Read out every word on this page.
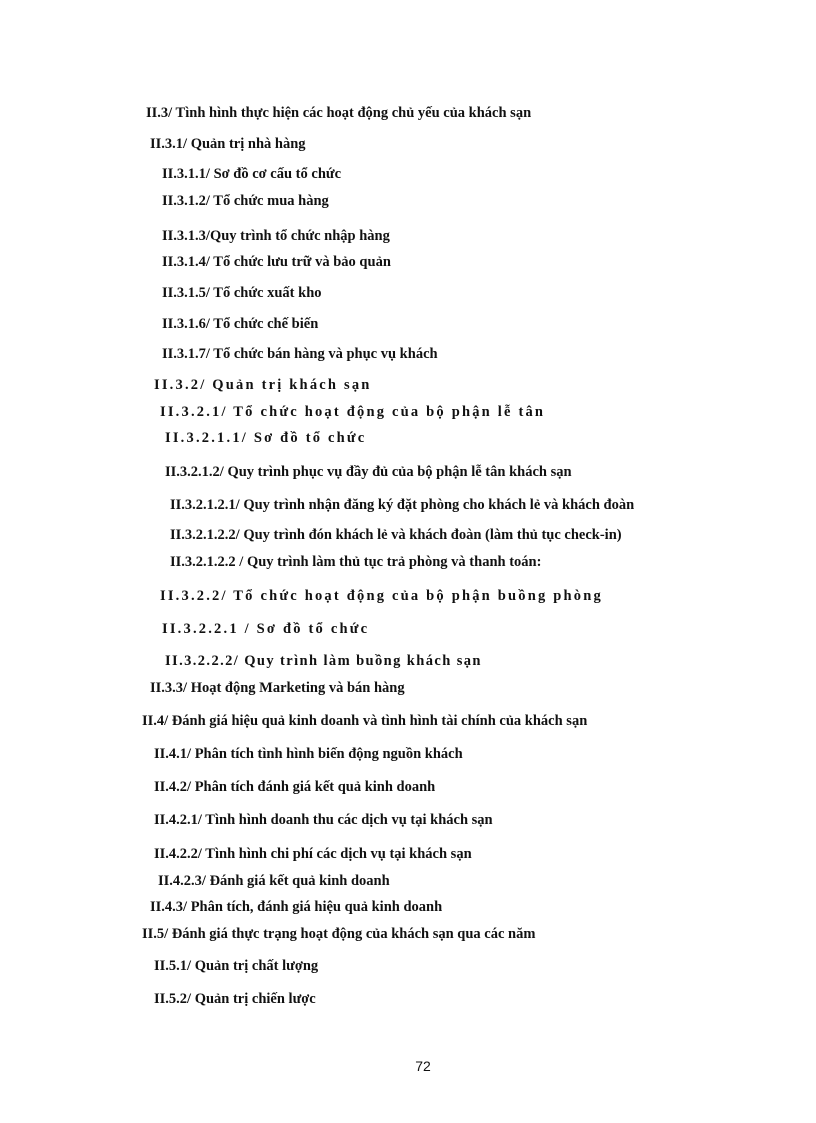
II.3/ Tình hình thực hiện các hoạt động chủ yếu của khách sạn
II.3.1/ Quản trị nhà hàng
II.3.1.1/ Sơ đồ cơ cấu tổ chức
II.3.1.2/ Tổ chức mua hàng
II.3.1.3/Quy trình tổ chức nhập hàng
II.3.1.4/ Tổ chức lưu trữ và bảo quản
II.3.1.5/ Tổ chức xuất kho
II.3.1.6/ Tổ chức chế biến
II.3.1.7/ Tổ chức bán hàng và phục vụ khách
II.3.2/ Quản trị khách sạn
II.3.2.1/ Tổ chức hoạt động của bộ phận lễ tân
II.3.2.1.1/ Sơ đồ tổ chức
II.3.2.1.2/ Quy trình phục vụ đầy đủ của bộ phận lễ tân khách sạn
II.3.2.1.2.1/ Quy trình nhận đăng ký đặt phòng cho khách lẻ và khách đoàn
II.3.2.1.2.2/ Quy trình đón khách lẻ và khách đoàn (làm thủ tục check-in)
II.3.2.1.2.2 / Quy trình làm thủ tục trả phòng và thanh toán:
II.3.2.2/ Tổ chức hoạt động của bộ phận buồng phòng
II.3.2.2.1 / Sơ đồ tổ chức
II.3.2.2.2/ Quy trình làm buồng khách sạn
II.3.3/ Hoạt động Marketing và bán hàng
II.4/ Đánh giá hiệu quả kinh doanh và tình hình tài chính của khách sạn
II.4.1/ Phân tích tình hình biến động nguồn khách
II.4.2/ Phân tích đánh giá kết quả kinh doanh
II.4.2.1/ Tình hình doanh thu các dịch vụ tại khách sạn
II.4.2.2/ Tình hình chi phí các dịch vụ tại khách sạn
II.4.2.3/ Đánh giá kết quả kinh doanh
II.4.3/ Phân tích, đánh giá hiệu quả kinh doanh
II.5/ Đánh giá thực trạng hoạt động của khách sạn qua các năm
II.5.1/ Quản trị chất lượng
II.5.2/ Quản trị chiến lược
72
